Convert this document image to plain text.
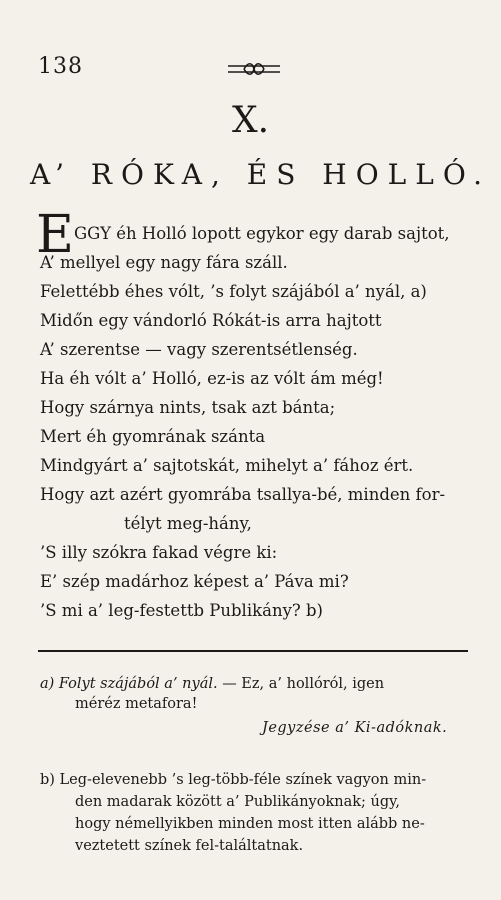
138
X.
A’ RÓKA, ÉS HOLLÓ.
E GGY éh Holló lopott egykor egy darab sajtot,
A’ mellyel egy nagy fára száll.
Felettébb éhes vólt, ’s folyt szájából a’ nyál, a)
Midőn egy vándorló Rókát-is arra hajtott
A’ szerentse — vagy szerentsétlenség.
Ha éh vólt a’ Holló, ez-is az vólt ám még!
Hogy szárnya nints, tsak azt bánta;
Mert éh gyomrának szánta
Mindgyárt a’ sajtotskát, mihelyt a’ fához ért.
Hogy azt azért gyomrába tsallya-bé, minden for-
télyt meg-hány,
’S illy szókra fakad végre ki:
E’ szép madárhoz képest a’ Páva mi?
’S mi a’ leg-festettb Publikány? b)
a) Folyt szájából a’ nyál. — Ez, a’ hollóról, igen
méréz metafora!
Jegyzése a’ Ki-adóknak.
b) Leg-elevenebb ’s leg-több-féle színek vagyon min-
den madarak között a’ Publikányoknak; úgy,
hogy némellyikben minden most itten alább ne-
veztetett színek fel-találtatnak.
